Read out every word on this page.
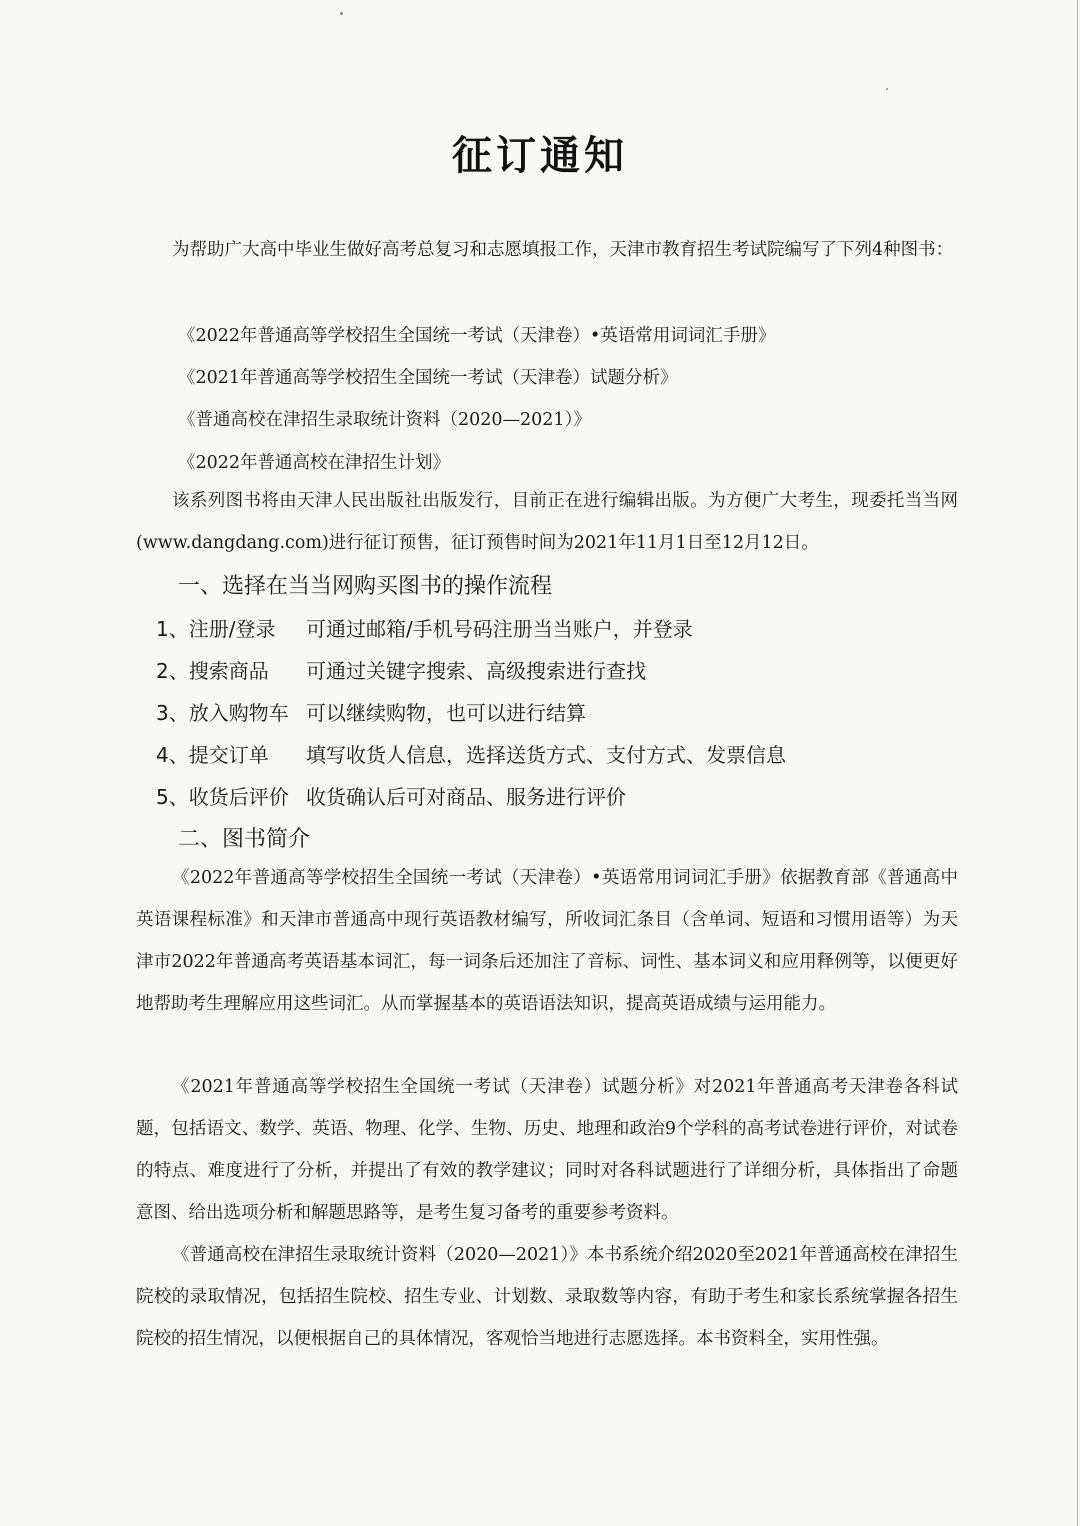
征订通知
为帮助广大高中毕业生做好高考总复习和志愿填报工作，天津市教育招生考试院编写了下列4种图书：
《2022年普通高等学校招生全国统一考试（天津卷）•英语常用词词汇手册》
《2021年普通高等学校招生全国统一考试（天津卷）试题分析》
《普通高校在津招生录取统计资料（2020—2021）》
《2022年普通高校在津招生计划》
该系列图书将由天津人民出版社出版发行，目前正在进行编辑出版。为方便广大考生，现委托当当网(www.dangdang.com)进行征订预售，征订预售时间为2021年11月1日至12月12日。
一、选择在当当网购买图书的操作流程
1、注册/登录 可通过邮箱/手机号码注册当当账户，并登录
2、搜索商品 可通过关键字搜索、高级搜索进行查找
3、放入购物车 可以继续购物，也可以进行结算
4、提交订单 填写收货人信息，选择送货方式、支付方式、发票信息
5、收货后评价 收货确认后可对商品、服务进行评价
二、图书简介
《2022年普通高等学校招生全国统一考试（天津卷）•英语常用词词汇手册》依据教育部《普通高中英语课程标准》和天津市普通高中现行英语教材编写，所收词汇条目（含单词、短语和习惯用语等）为天津市2022年普通高考英语基本词汇，每一词条后还加注了音标、词性、基本词义和应用释例等，以便更好地帮助考生理解应用这些词汇。从而掌握基本的英语语法知识，提高英语成绩与运用能力。
《2021年普通高等学校招生全国统一考试（天津卷）试题分析》对2021年普通高考天津卷各科试题，包括语文、数学、英语、物理、化学、生物、历史、地理和政治9个学科的高考试卷进行评价，对试卷的特点、难度进行了分析，并提出了有效的教学建议；同时对各科试题进行了详细分析，具体指出了命题意图、给出选项分析和解题思路等，是考生复习备考的重要参考资料。
《普通高校在津招生录取统计资料（2020—2021）》本书系统介绍2020至2021年普通高校在津招生院校的录取情况，包括招生院校、招生专业、计划数、录取数等内容，有助于考生和家长系统掌握各招生院校的招生情况，以便根据自己的具体情况，客观恰当地进行志愿选择。本书资料全，实用性强。
